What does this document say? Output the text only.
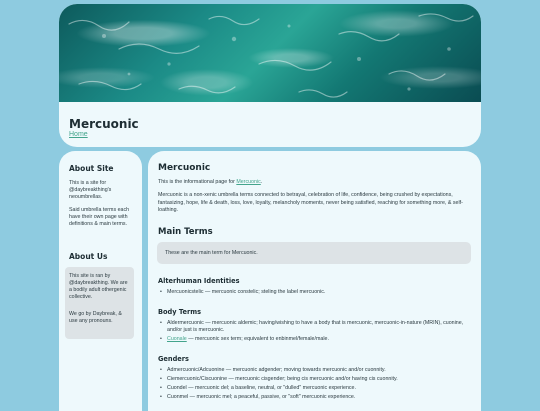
Mercuonic
Home
About Site

This is a site for @daybreakthing's neoumbrellas.

Said umbrella terms each have their own page with definitions & main terms.

About Us

This site is ran by @daybreakthing. We are a bodily adult othergenic collective.

We go by Daybreak, & use any pronouns.

Mercuonic

This is the informational page for Mercuonic.

Mercuonic is a non-xenic umbrella terms connected to betrayal, celebration of life, confidence, being crushed by expectations, fantasizing, hope, life & death, loss, love, loyalty, melancholy moments, never being satisfied, reaching for something more, & self-loathing.

Main Terms
These are the main term for Mercuonic.
Alterhuman Identities
• Mercuonicstelic — mercuonic constelic; steling the label mercuonic.
Body Terms
• Aldermercuonic — mercuonic aldemic; having/wishing to have a body that is mercuonic, mercuonic-in-nature (MRIN), cuonine, and/or just is mercuonic.
• Cuonale — mercuonic sex term; equivalent to enbinmel/female/male.
Genders
• Admercuonic/Adcuonine — mercuonic adgender; moving towards mercuonic and/or cuonnity.
• Ciemercuonic/Ciscuonine — mercuonic cisgender; being cis mercuonic and/or having cis cuonnity.
• Cuondel — mercuonic del; a baseline, neutral, or "dulled" mercuonic experience.
• Cuonmel — mercuonic mel; a peaceful, passive, or "soft" mercuonic experience.
